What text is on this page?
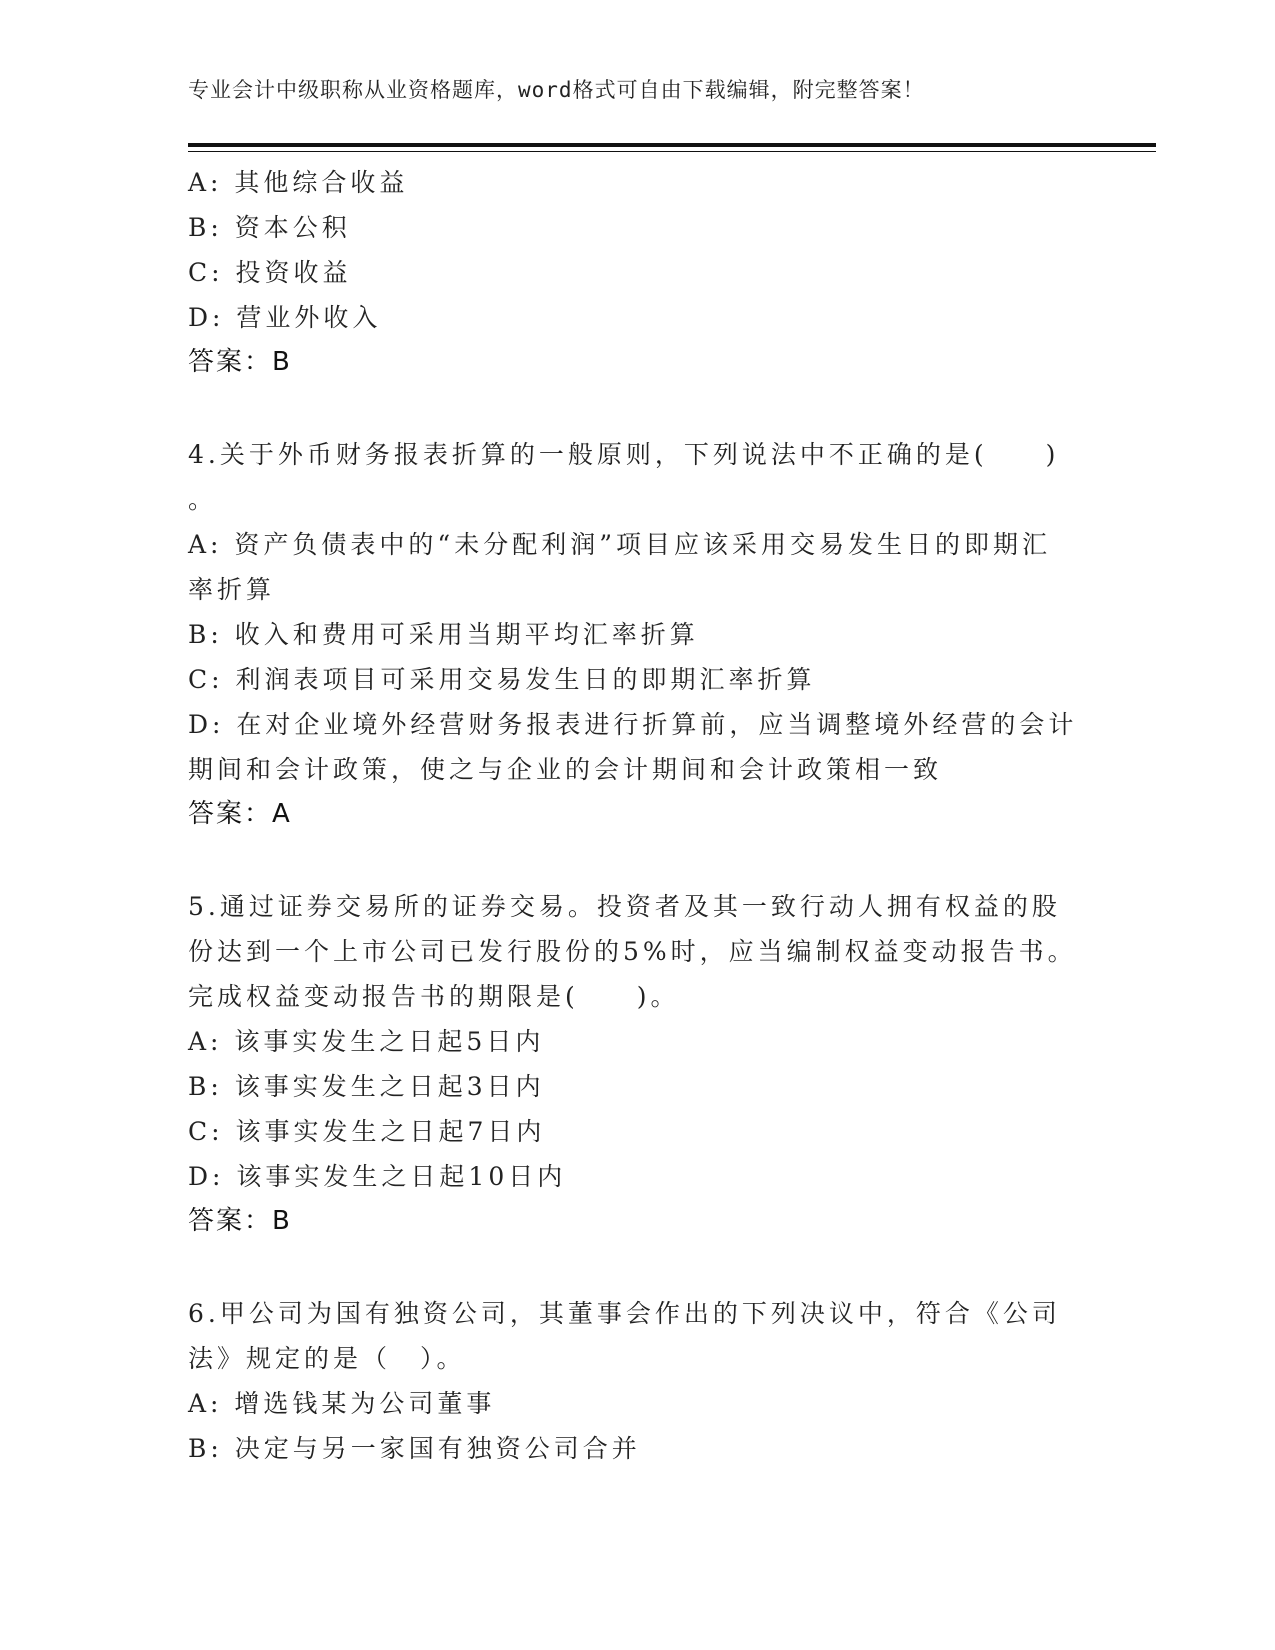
专业会计中级职称从业资格题库，word格式可自由下载编辑，附完整答案！
A: 其他综合收益
B: 资本公积
C: 投资收益
D: 营业外收入
答案：B
4.关于外币财务报表折算的一般原则，下列说法中不正确的是(　　)
。
A: 资产负债表中的“未分配利润”项目应该采用交易发生日的即期汇
率折算
B: 收入和费用可采用当期平均汇率折算
C: 利润表项目可采用交易发生日的即期汇率折算
D: 在对企业境外经营财务报表进行折算前，应当调整境外经营的会计
期间和会计政策，使之与企业的会计期间和会计政策相一致
答案：A
5.通过证券交易所的证券交易。投资者及其一致行动人拥有权益的股
份达到一个上市公司已发行股份的5%时，应当编制权益变动报告书。
完成权益变动报告书的期限是(　　)。
A: 该事实发生之日起5日内
B: 该事实发生之日起3日内
C: 该事实发生之日起7日内
D: 该事实发生之日起10日内
答案：B
6.甲公司为国有独资公司，其董事会作出的下列决议中，符合《公司
法》规定的是（　）。
A: 增选钱某为公司董事
B: 决定与另一家国有独资公司合并
